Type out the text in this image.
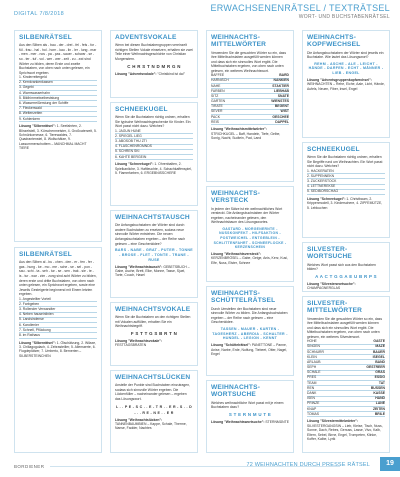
DIGITAL 7/8/2018
ERWACHSENENRÄTSEL / TEXTRÄTSEL
WORT- UND BUCHSTABENRÄTSEL
SILBENRÄTSEL
Aus den Silben als - bau - der - drei - fel - fels - for - fül - frau - hal - hol - horn - kau - lin - ler - lung - mar - men - mer - nos - pa - pas - sauer - schwar - se - so - ter - tuf - vol - wer - wer - zeit - zu - zwi sind Wörter zu bilden, deren Erste und zweite Buchstaben, von oben nach unten gelesen, ein Sprichwort ergeben.
1. Kinderreitergeld
2. Kernkrankenkassen
3. Gegebi
4. Warmwasserhahn
5. Bildhimmelweibeststung
6. Wasserreißerstung der Schiffe
7. Fleckenwald
8. Weltenzeiten
9. Kohlenkern
Lösung "Silbenrätsel": 1. Seefahrten, 2. Blinzelstell, 3. Kürschenmeister, 4. Großvaterzeit, 5. Schnürkornesse, 6. Tierewaldes, 7. Quadrantenstel, 8. Wollschätze, 9. Lassummerschottem – MANCHMAL MACHT TIERE
SILBENRÄTSEL
Aus den Silben al - bu - chen - den - er - fen - fer - gas - hung - ke - mo - me - sche - se - sel - pon - sau - schi - ta - seh - tur - se - sen - trak - sie - te - is - tur - war - zim - zung sind acht Wörter zu bilden, deren erste und dritte Buchstaben, von oben nach unten gelesen, ein Sprichwort ergeben, sowie eine Jeweils Gesteigerte beginnend mit Einem letzten ergeben.
1. Angestellter Vorteil
2. Farbgeben
3. Rollender Verwandter
4. Neben hauseinlinien
5. Landsindense
6. Kandienier
7. Schnell, Pflückung
8. im Rathaus
Lösung "Silbenrätsel": 1. Ölschätzung, 2. Wilaxe, 3. Chiliagogulach, 4. Zebrasteiller, 5. Allemaerte, 6. Flugdeplätzer, 7. Umberto, 8. Bernerien – SILBERSTEINCHEN
ADVENTSVOKALE
Wenn bei diesen Buchstabengruppen vereinzelt richtigen Stellen Vokale einsetzen, erhalten sie zwei Teile einer Weihnachtsgeschichte von Christian Morgenstern.
C H R S T N D M R G N
Lösung "Adventsvokale": "Christkind ist da!"
SCHNEEKUGEL
Wenn Sie die Buchstaben richtig ordnen, erhalten Sie typische Weihnachtsgeschenke für Kinder. Ein Wort passt nicht dazu. Welches?
1. JAGUN HUNE
2. SPIEGEL LIEG
3. ABOSOB THU ZTI
4. FLASCHENROMNDS
5. SCHREN SKI
6. KAHTE BERGEIN
Lösung "Schneekugel": 1. Ohrenbalten, 2. Spielkanliche, 3. Haftleuchte, 4. Schachkaffenspiel, 5. Flammfarben, 6. ERGEBNISSCHERE
WEIHNACHTSTAUSCH
Die Anfangsbuchstaben der Wörter sind durch andere Buchstaben zu ersetzen, sodass neue sinnvolle Wörter entstehen. Die neuen Anfangsbuchstaben ergeben – der Reihe nach gelesen – eine Geschenkidee?
BARS - NABE - GRAT - PUTER - TONNE - BROSE - FLET - TONTE - TRANE - RUSE
Lösung "Weihnachtstausch": GEBETSBUCH – Gabe, Asche, Brett, Elke, Monne, Tasse, Sjuel, Torte, Couch, Hasel
WEIHNACHTSVOKALE
Wenn Sie die Buchstaben an den richtigen Stellen mit Vokalen auffüllen, erhalten Sie ein Weihnachtsbegriff.
F S T T G S B R T N
Lösung "Weihnachtsvokale": FESTTAGSBRATEN
WEIHNACHTSLÜCKEN
Anstelle der Punkte sind Buchstaben einzutragen, sodass sich sinnvolle Wörter ergeben. Die Lückenfüller – nacheinander gelesen – ergeben das Lösungswort.
L . . P E - S C . . E - T R . . E R - S . . D - . . R E - N E . . E R
Lösung "Weihnachtslücken": TANNENBAUMBIEN – Kappe, Schale, Therme, Nanse, Fadder, Nachtes
WEIHNACHTS-MITTELWÖRTER
Verwenden Sie die gesuchten Wörter so ein, dass ihre Mittelbuchstaben ausgefüllt werden können und dass sich ein sinnvolles Wort ergibt. Die Mittelbuchstaben ergeben, von oben nach unten gelesen, ein weiteres Weihnachtswort.
BAFFEE	BARD
HARNISCH	NANKIEN
NAHE	STAKTIER
FARBEN	LIEBHAB
SITZ	SNATE
GARTEN	WIENSTES
TIRATE	BEGENT
SEVER	WIST
PACK	GESCHEE
REIS	DAPPEL
Lösung "Weihnachtsmittelwörter": STRICHKUGEL – Baff, Handeln, Tiefe, Gelbe, Sonig, Nacht, Sudtein, Pad, Land
WEIHNACHTS-VERSTECK
In jedem der Sätze ist ein weihnachtliches Wort versteckt. Die Anfangsbuchstaben der Wörter ergeben, nacheinander gelesen, den Weihnachtsbaum des Lösungswortes.
GASTARD - MORGENERNTE - NUSSKONFEKT - HILFSAKTION - POSTWEICHEL - ENTGEBLEIN - SCHLITTENFAHRT - SCHNEEFLOCKE - KERZENSCHEIN
Lösung "Weihnachtsversteck": KERZENBRÖSEL – Gabe, Geige, Anis, Kerz, Kusi, Elfe, Nuss, Elster, Schnee
WEIHNACHTS-SCHÜTTELRÄTSEL
Durch Umstellen der Buchstaben sind neue sinnvolle Wörter zu bilden. Die Anfangsbuchstaben ergeben – der Reihe nach gelesen – eine Geschenkidee.
TASSEN - MAUER - KARTEN - TAGESHERZ - ABERDIA - SCHALTER - HUNDEL - LEGION - KENNT
Lösung "Schüttelrätsel": PANETTONE – Panne, Anise, Narbe, Erde, Nulfung, Tiebeet, Otter, Nagel, Engel
WEIHNACHTS-WORTSUCHE
Welches weihnachtliche Wort passt mit je einem Buchstaben dazu?
S T E R N M U T E
Lösung "Weihnachtswortsuche": STERNMÜNTE
WEIHNACHTS-KOPFWECHSEL
Die Anfangsbuchstaben der Wörter sind jeweils ein Buchstabe. Wie lautet das Lösungswort?
REHM - ASCHE - ALE - LEICHT - HÄNDE - DARFEN - ECHT - MÄNNER - LIEB - ENGEL
Lösung "Adventsgruppenkopfwechsel": WEIHNACHTEN – Rehe, Eiche, Aale, Licht, Hände, Aufels, Neuen, Fiber, Insel, Engel
SCHNEEKUGEL
Wenn Sie die Buchstaben richtig ordnen, erhalten Sie Begriffe rund um Weihnachten. Ein Wort passt nicht dazu. Welches?
1. HACKERATEN
2. SUPPENNEKN
3. ZUCKERSTOCK
4. LETTNEREKSE
5. SEDIBORSCHAG
Lösung "Schneekugel": 1. Christbaum, 2. Krippenmodell, 3. Kinderschere, 4. ZIPFEMÜTZE, 5. Lebkuchen
SILVESTER-WORTSUCHE
Welches Wort passt sich aus den Buchstaben bilden?
A A C T G G A E U B R P S
Lösung "Silvesterwortsuche": CHAMPAGNERGLAS
SILVESTER-MITTELWÖRTER
Verwenden Sie die gesuchten Wörter so ein, dass ihre Mittelbuchstaben ausgefüllt werden können und dass sich ein sinnvolles Wort ergibt. Die Mittelbuchstaben ergeben, von oben nach unten gelesen, ein weiteres Silvesterwort.
HOHE	GASTE
SINGEN	MAZE
SCHNURR	BAUER
KLEIN	ISEGEL
ARLAUB	BAND
SEPH	GESTREER
SCHALE	GRAS
PRES	ESSIG
TEAM	TAT
REN	BUSSEN
DANK	KASSE
ISEN	HAND
PRINZE	LANE
KNAP	ZEITEN
TOMAS	BRILE
Lösung "Silvestermittelwörter": SILVESTERGANGSIN – Lieb, Kleise, Tisch, Nuss, Sonne, Dach, Rebes, Genuss, Lasse, Vivo, Kalb, Eltern, Sebel, Birne, Engel, Trompeten, Klinke, Koffer, Kalbe, Lyrik
BORDIENER	72 WEIHNACHTEN DURCH PRESSE RÄTSEL	19
